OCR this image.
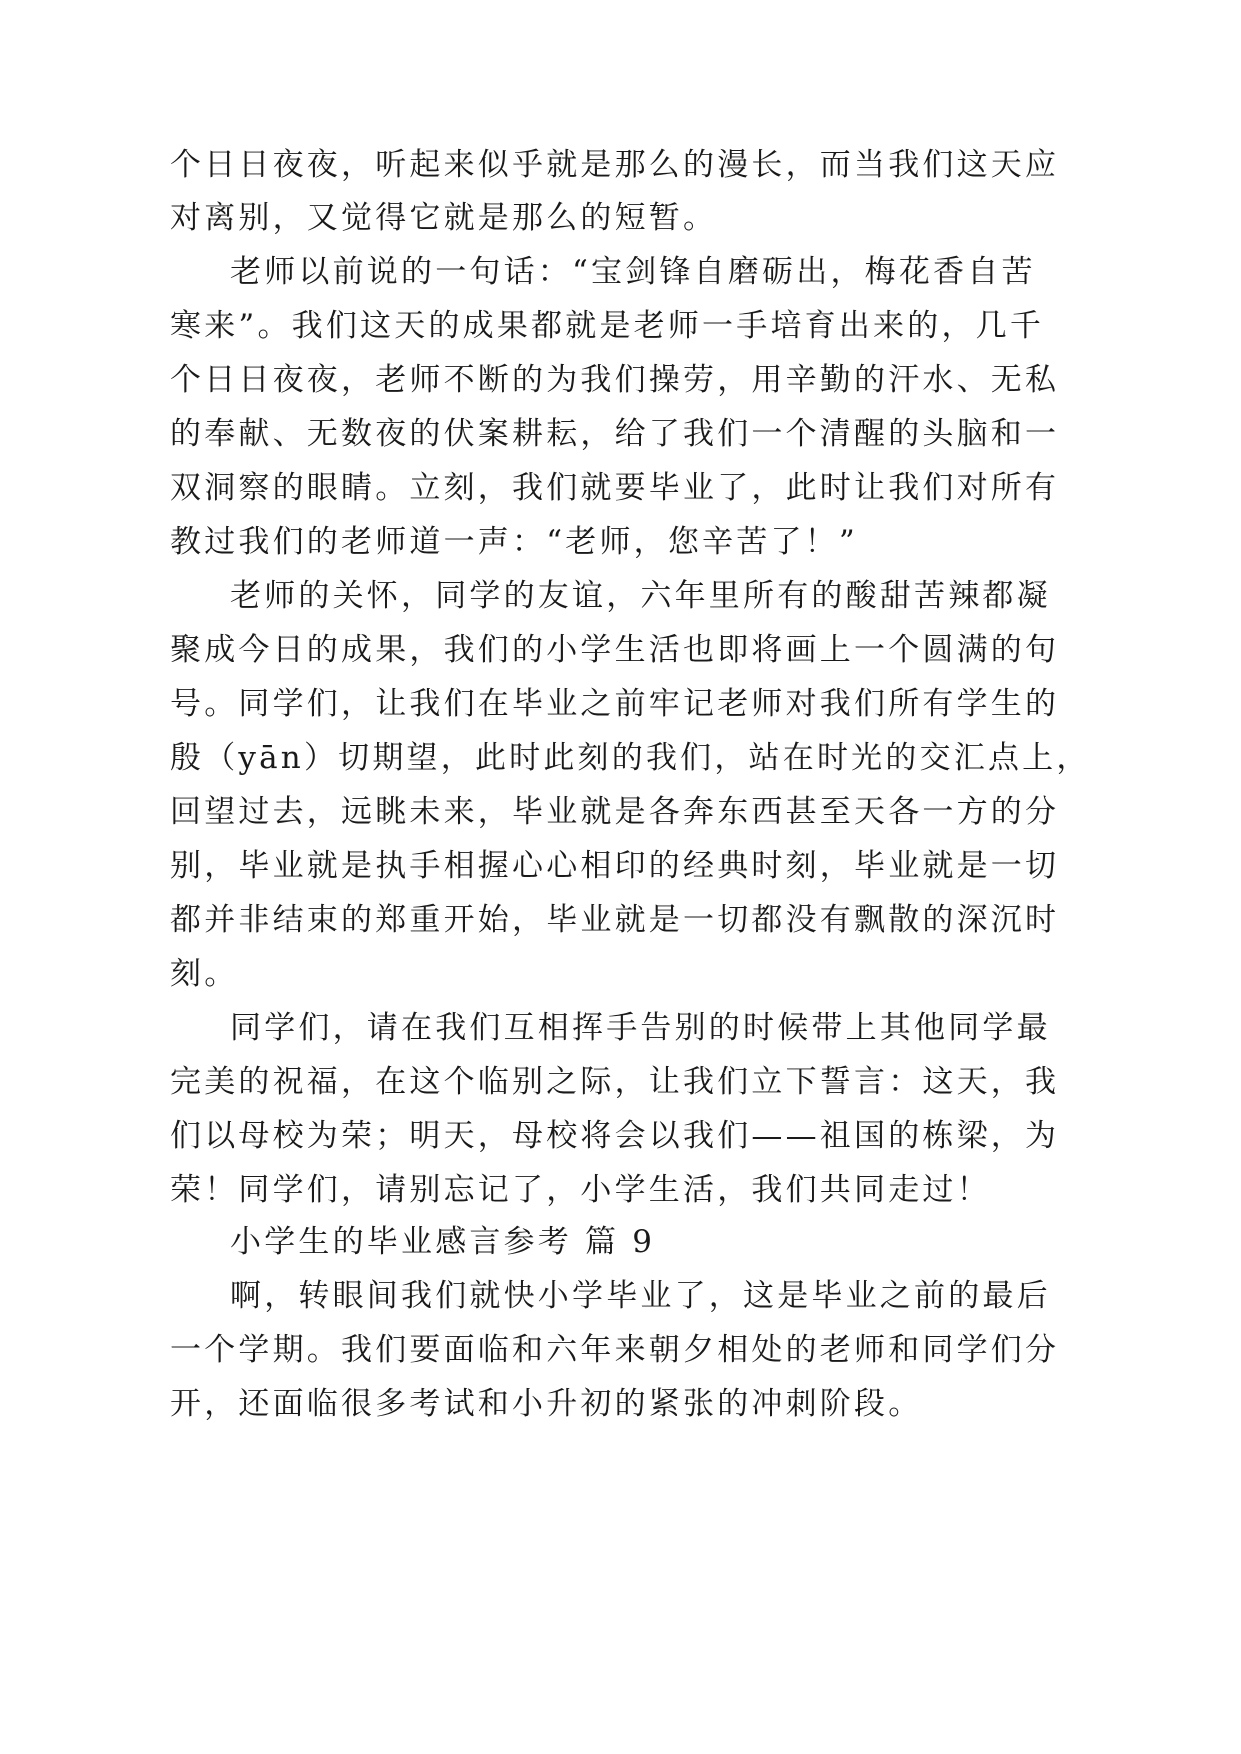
个日日夜夜，听起来似乎就是那么的漫长，而当我们这天应
对离别，又觉得它就是那么的短暂。
老师以前说的一句话：“宝剑锋自磨砺出，梅花香自苦
寒来”。我们这天的成果都就是老师一手培育出来的，几千
个日日夜夜，老师不断的为我们操劳，用辛勤的汗水、无私
的奉献、无数夜的伏案耕耘，给了我们一个清醒的头脑和一
双洞察的眼睛。立刻，我们就要毕业了，此时让我们对所有
教过我们的老师道一声：“老师，您辛苦了！”
老师的关怀，同学的友谊，六年里所有的酸甜苦辣都凝
聚成今日的成果，我们的小学生活也即将画上一个圆满的句
号。同学们，让我们在毕业之前牢记老师对我们所有学生的
殷（yān）切期望，此时此刻的我们，站在时光的交汇点上，
回望过去，远眺未来，毕业就是各奔东西甚至天各一方的分
别，毕业就是执手相握心心相印的经典时刻，毕业就是一切
都并非结束的郑重开始，毕业就是一切都没有飘散的深沉时
刻。
同学们，请在我们互相挥手告别的时候带上其他同学最
完美的祝福，在这个临别之际，让我们立下誓言：这天，我
们以母校为荣；明天，母校将会以我们——祖国的栋梁，为
荣！同学们，请别忘记了，小学生活，我们共同走过！
小学生的毕业感言参考 篇 9
啊，转眼间我们就快小学毕业了，这是毕业之前的最后
一个学期。我们要面临和六年来朝夕相处的老师和同学们分
开，还面临很多考试和小升初的紧张的冲刺阶段。
